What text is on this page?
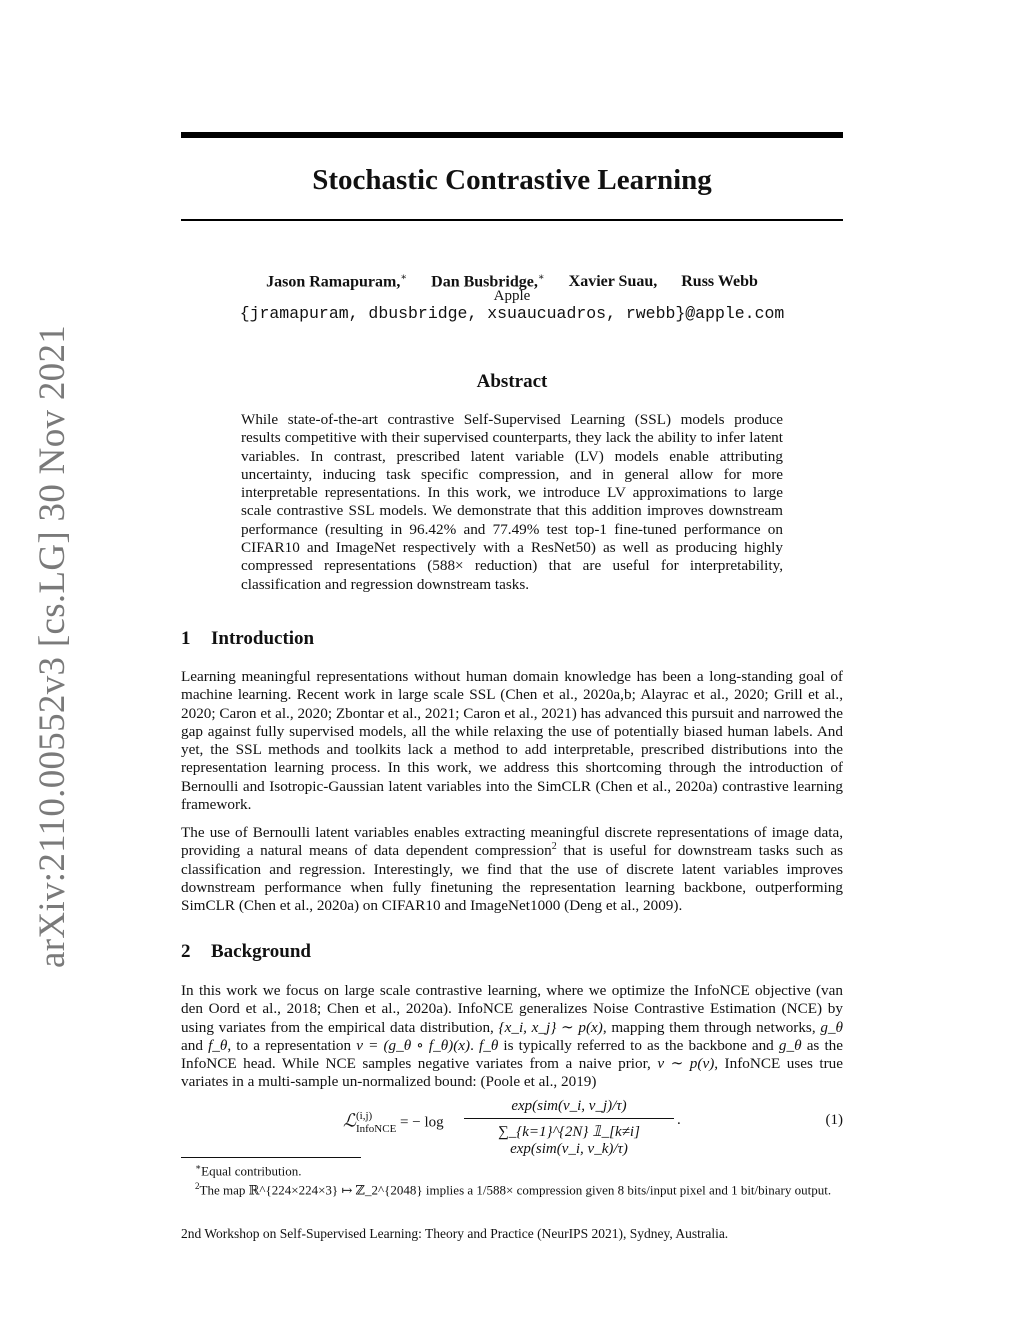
arXiv:2110.00552v3 [cs.LG] 30 Nov 2021
Stochastic Contrastive Learning
Jason Ramapuram,∗ Dan Busbridge,∗ Xavier Suau, Russ Webb
Apple
{jramapuram, dbusbridge, xsuaucuadros, rwebb}@apple.com
Abstract
While state-of-the-art contrastive Self-Supervised Learning (SSL) models produce results competitive with their supervised counterparts, they lack the ability to infer latent variables. In contrast, prescribed latent variable (LV) models enable attributing uncertainty, inducing task specific compression, and in general allow for more interpretable representations. In this work, we introduce LV approximations to large scale contrastive SSL models. We demonstrate that this addition improves downstream performance (resulting in 96.42% and 77.49% test top-1 fine-tuned performance on CIFAR10 and ImageNet respectively with a ResNet50) as well as producing highly compressed representations (588× reduction) that are useful for interpretability, classification and regression downstream tasks.
1 Introduction
Learning meaningful representations without human domain knowledge has been a long-standing goal of machine learning. Recent work in large scale SSL (Chen et al., 2020a,b; Alayrac et al., 2020; Grill et al., 2020; Caron et al., 2020; Zbontar et al., 2021; Caron et al., 2021) has advanced this pursuit and narrowed the gap against fully supervised models, all the while relaxing the use of potentially biased human labels. And yet, the SSL methods and toolkits lack a method to add interpretable, prescribed distributions into the representation learning process. In this work, we address this shortcoming through the introduction of Bernoulli and Isotropic-Gaussian latent variables into the SimCLR (Chen et al., 2020a) contrastive learning framework.
The use of Bernoulli latent variables enables extracting meaningful discrete representations of image data, providing a natural means of data dependent compression$^2$ that is useful for downstream tasks such as classification and regression. Interestingly, we find that the use of discrete latent variables improves downstream performance when fully finetuning the representation learning backbone, outperforming SimCLR (Chen et al., 2020a) on CIFAR10 and ImageNet1000 (Deng et al., 2009).
2 Background
In this work we focus on large scale contrastive learning, where we optimize the InfoNCE objective (van den Oord et al., 2018; Chen et al., 2020a). InfoNCE generalizes Noise Contrastive Estimation (NCE) by using variates from the empirical data distribution, {x_i, x_j} ∼ p(x), mapping them through networks, g_θ and f_θ, to a representation v = (g_θ ∘ f_θ)(x). f_θ is typically referred to as the backbone and g_θ as the InfoNCE head. While NCE samples negative variates from a naive prior, v ∼ p(v), InfoNCE uses true variates in a multi-sample un-normalized bound: (Poole et al., 2019)
ℒ(i,j)
InfoNCE = − log
exp(sim(v_i, v_j)/τ)
∑_{k=1}^{2N} 𝟙_[k≠i] exp(sim(v_i, v_k)/τ)
.	(1)
∗Equal contribution.
$^2$The map ℝ^{224×224×3} ↦ ℤ_2^{2048} implies a 1/588× compression given 8 bits/input pixel and 1 bit/binary output.
2nd Workshop on Self-Supervised Learning: Theory and Practice (NeurIPS 2021), Sydney, Australia.
